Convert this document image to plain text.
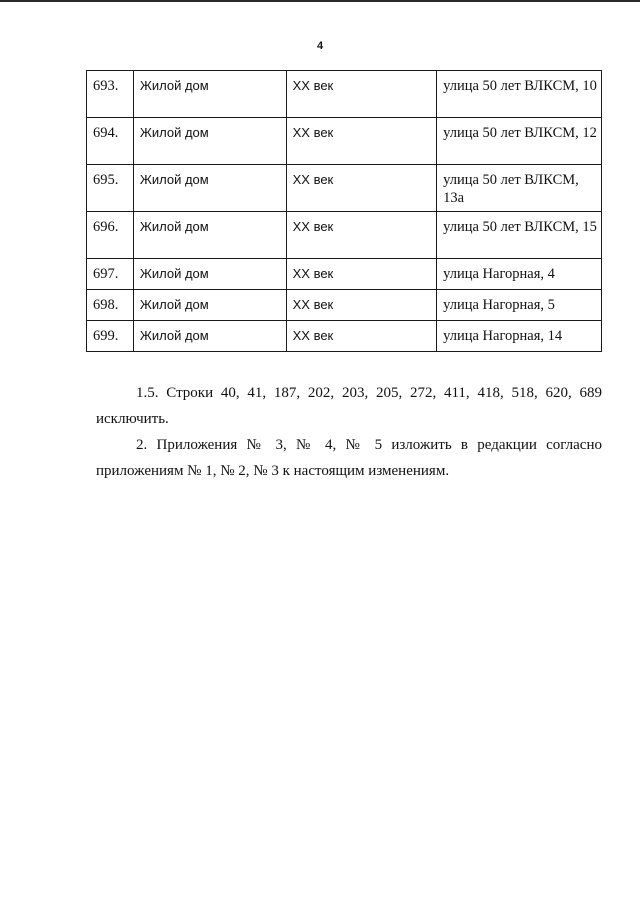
4
693.	Жилой дом	XX век	улица 50 лет ВЛКСМ, 10
694.	Жилой дом	XX век	улица 50 лет ВЛКСМ, 12
695.	Жилой дом	XX век	улица 50 лет ВЛКСМ, 13а
696.	Жилой дом	XX век	улица 50 лет ВЛКСМ, 15
697.	Жилой дом	XX век	улица Нагорная, 4
698.	Жилой дом	XX век	улица Нагорная, 5
699.	Жилой дом	XX век	улица Нагорная, 14
1.5. Строки 40, 41, 187, 202, 203, 205, 272, 411, 418, 518, 620, 689
исключить.
2. Приложения № 3, № 4, № 5 изложить в редакции согласно
приложениям № 1, № 2, № 3 к настоящим изменениям.
